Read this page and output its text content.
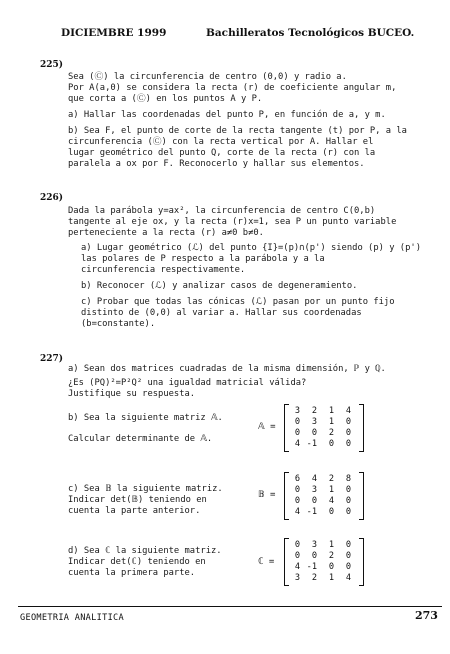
DICIEMBRE 1999	Bachilleratos Tecnológicos BUCEO.
225)
Sea (Ⓒ) la circunferencia de centro (0,0) y radio a.
Por A(a,0) se considera la recta (r) de coeficiente angular m,
que corta a (Ⓒ) en los puntos A y P.
a) Hallar las coordenadas del punto P, en función de a, y m.
b) Sea F, el punto de corte de la recta tangente (t) por P, a la
circunferencia (Ⓒ) con la recta vertical por A. Hallar el
lugar geométrico del punto Q, corte de la recta (r) con la
paralela a ox por F. Reconocerlo y hallar sus elementos.
226)
Dada la parábola y=ax², la circunferencia de centro C(0,b)
tangente al eje ox, y la recta (r)x=1, sea P un punto variable
perteneciente a la recta (r) a≠0 b≠0.
a) Lugar geométrico (ℒ) del punto {I}=(p)∩(p') siendo (p) y (p')
las polares de P respecto a la parábola y a la
circunferencia respectivamente.
b) Reconocer (ℒ) y analizar casos de degeneramiento.
c) Probar que todas las cónicas (ℒ) pasan por un punto fijo
distinto de (0,0) al variar a. Hallar sus coordenadas
(b=constante).
227)
a) Sean dos matrices cuadradas de la misma dimensión, ℙ y ℚ.
¿Es (PQ)²=P²Q² una igualdad matricial válida?
Justifique su respuesta.
b) Sea la siguiente matriz 𝔸.
Calcular determinante de 𝔸.
c) Sea 𝔹 la siguiente matriz.
Indicar det(𝔹) teniendo en
cuenta la parte anterior.
d) Sea ℂ la siguiente matriz.
Indicar det(ℂ) teniendo en
cuenta la primera parte.
𝔸 =
3	2	1	4
0	3	1	0
0	0	2	0
4 -1	0	0
𝔹 =
6	4	2	8
0	3	1	0
0	0	4	0
4 -1	0	0
ℂ =
0	3	1	0
0	0	2	0
4 -1	0	0
3	2	1	4
GEOMETRIA ANALITICA	273
